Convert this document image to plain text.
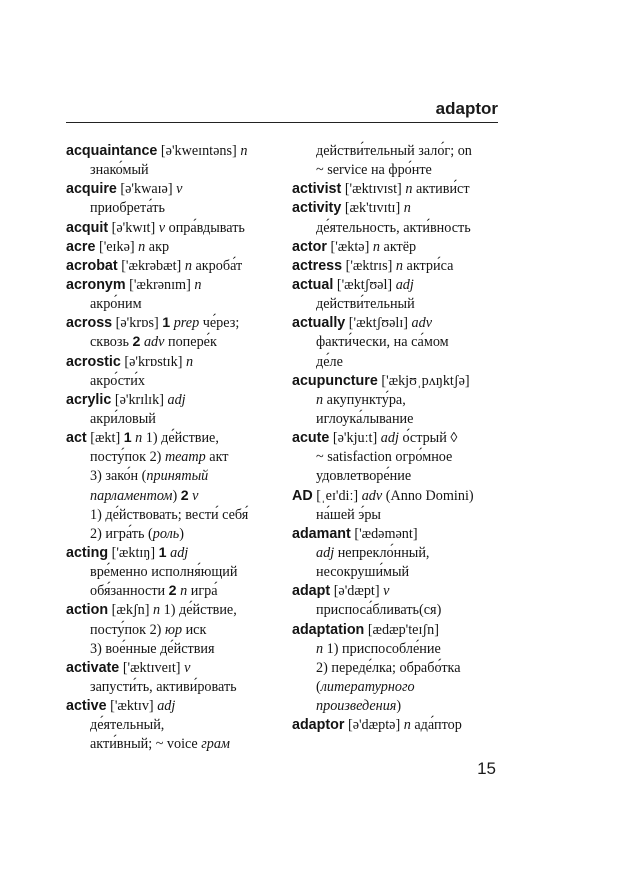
adaptor
acquaintance [ə'kweɪntəns] n
знако́мый
acquire [ə'kwaɪə] v
приобрета́ть
acquit [ə'kwɪt] v опра́вдывать
acre ['eɪkə] n акр
acrobat ['ækrəbæt] n акроба́т
acronym ['ækrənɪm] n
акро́ним
across [ə'krɒs] 1 prep че́рез;
сквозь 2 adv попере́к
acrostic [ə'krɒstɪk] n
акро́сти́х
acrylic [ə'krɪlɪk] adj
акри́ловый
act [ækt] 1 n 1) де́йствие,
посту́пок 2) театр акт
3) зако́н (принятый
парламентом) 2 v
1) де́йствовать; вести́ себя́
2) игра́ть (роль)
acting ['æktɪŋ] 1 adj
вре́менно исполня́ющий
обя́занности 2 n игра́
action [ækʃn] n 1) де́йствие,
посту́пок 2) юр иск
3) вое́нные де́йствия
activate ['æktɪveɪt] v
запусти́ть, активи́ровать
active ['æktɪv] adj
де́ятельный,
акти́вный; ~ voice грам
действи́тельный зало́г; on
~ service на фро́нте
activist ['æktɪvɪst] n активи́ст
activity [æk'tɪvɪtɪ] n
де́ятельность, акти́вность
actor ['æktə] n актёр
actress ['æktrɪs] n актри́са
actual ['æktʃʊəl] adj
действи́тельный
actually ['æktʃʊəlɪ] adv
факти́чески, на са́мом
де́ле
acupuncture ['ækjʊˌpʌŋktʃə]
n акупункту́ра,
иглоука́лывание
acute [ə'kjuːt] adj о́стрый ◊
~ satisfaction огро́мное
удовлетворе́ние
AD [ˌeɪ'diː] adv (Anno Domini)
на́шей э́ры
adamant ['ædəmənt]
adj непрекло́нный,
несокруши́мый
adapt [ə'dæpt] v
приспоса́бливать(ся)
adaptation [ædæp'teɪʃn]
n 1) приспособле́ние
2) переде́лка; обрабо́тка
(литературного
произведения)
adaptor [ə'dæptə] n ада́птор
15
